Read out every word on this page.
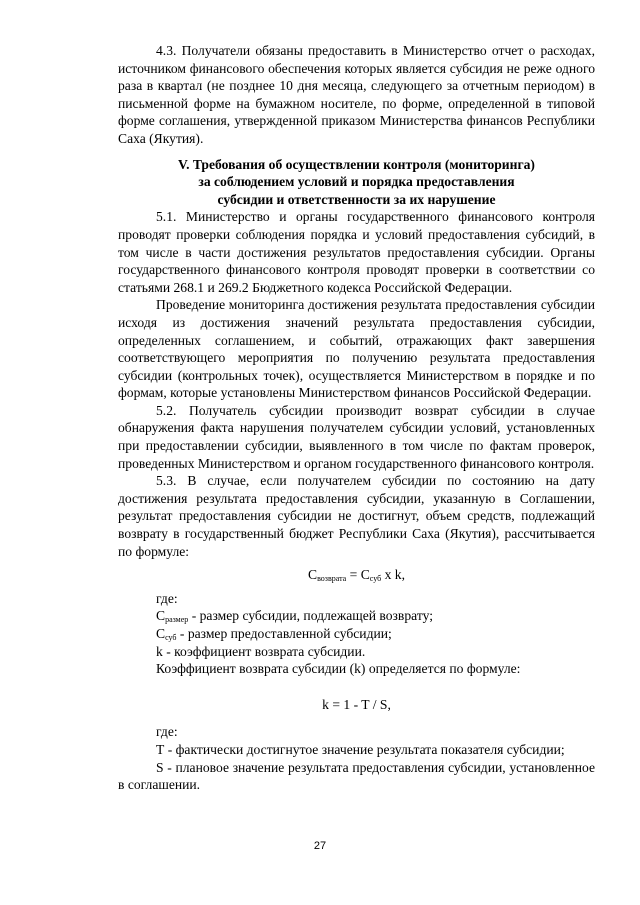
4.3. Получатели обязаны предоставить в Министерство отчет о расходах, источником финансового обеспечения которых является субсидия не реже одного раза в квартал (не позднее 10 дня месяца, следующего за отчетным периодом) в письменной форме на бумажном носителе, по форме, определенной в типовой форме соглашения, утвержденной приказом Министерства финансов Республики Саха (Якутия).

V. Требования об осуществлении контроля (мониторинга)
за соблюдением условий и порядка предоставления
субсидии и ответственности за их нарушение

5.1. Министерство и органы государственного финансового контроля проводят проверки соблюдения порядка и условий предоставления субсидий, в том числе в части достижения результатов предоставления субсидии. Органы государственного финансового контроля проводят проверки в соответствии со статьями 268.1 и 269.2 Бюджетного кодекса Российской Федерации.

Проведение мониторинга достижения результата предоставления субсидии исходя из достижения значений результата предоставления субсидии, определенных соглашением, и событий, отражающих факт завершения соответствующего мероприятия по получению результата предоставления субсидии (контрольных точек), осуществляется Министерством в порядке и по формам, которые установлены Министерством финансов Российской Федерации.

5.2. Получатель субсидии производит возврат субсидии в случае обнаружения факта нарушения получателем субсидии условий, установленных при предоставлении субсидии, выявленного в том числе по фактам проверок, проведенных Министерством и органом государственного финансового контроля.

5.3. В случае, если получателем субсидии по состоянию на дату достижения результата предоставления субсидии, указанную в Соглашении, результат предоставления субсидии не достигнут, объем средств, подлежащий возврату в государственный бюджет Республики Саха (Якутия), рассчитывается по формуле:

$С_{возврата} = С_{суб}$ x k,

где:

$С_{размер}$ - размер субсидии, подлежащей возврату;

$С_{суб}$ - размер предоставленной субсидии;

k - коэффициент возврата субсидии.

Коэффициент возврата субсидии (k) определяется по формуле:

k = 1 - T / S,

где:

Т - фактически достигнутое значение результата показателя субсидии;

S - плановое значение результата предоставления субсидии, установленное в соглашении.

27
